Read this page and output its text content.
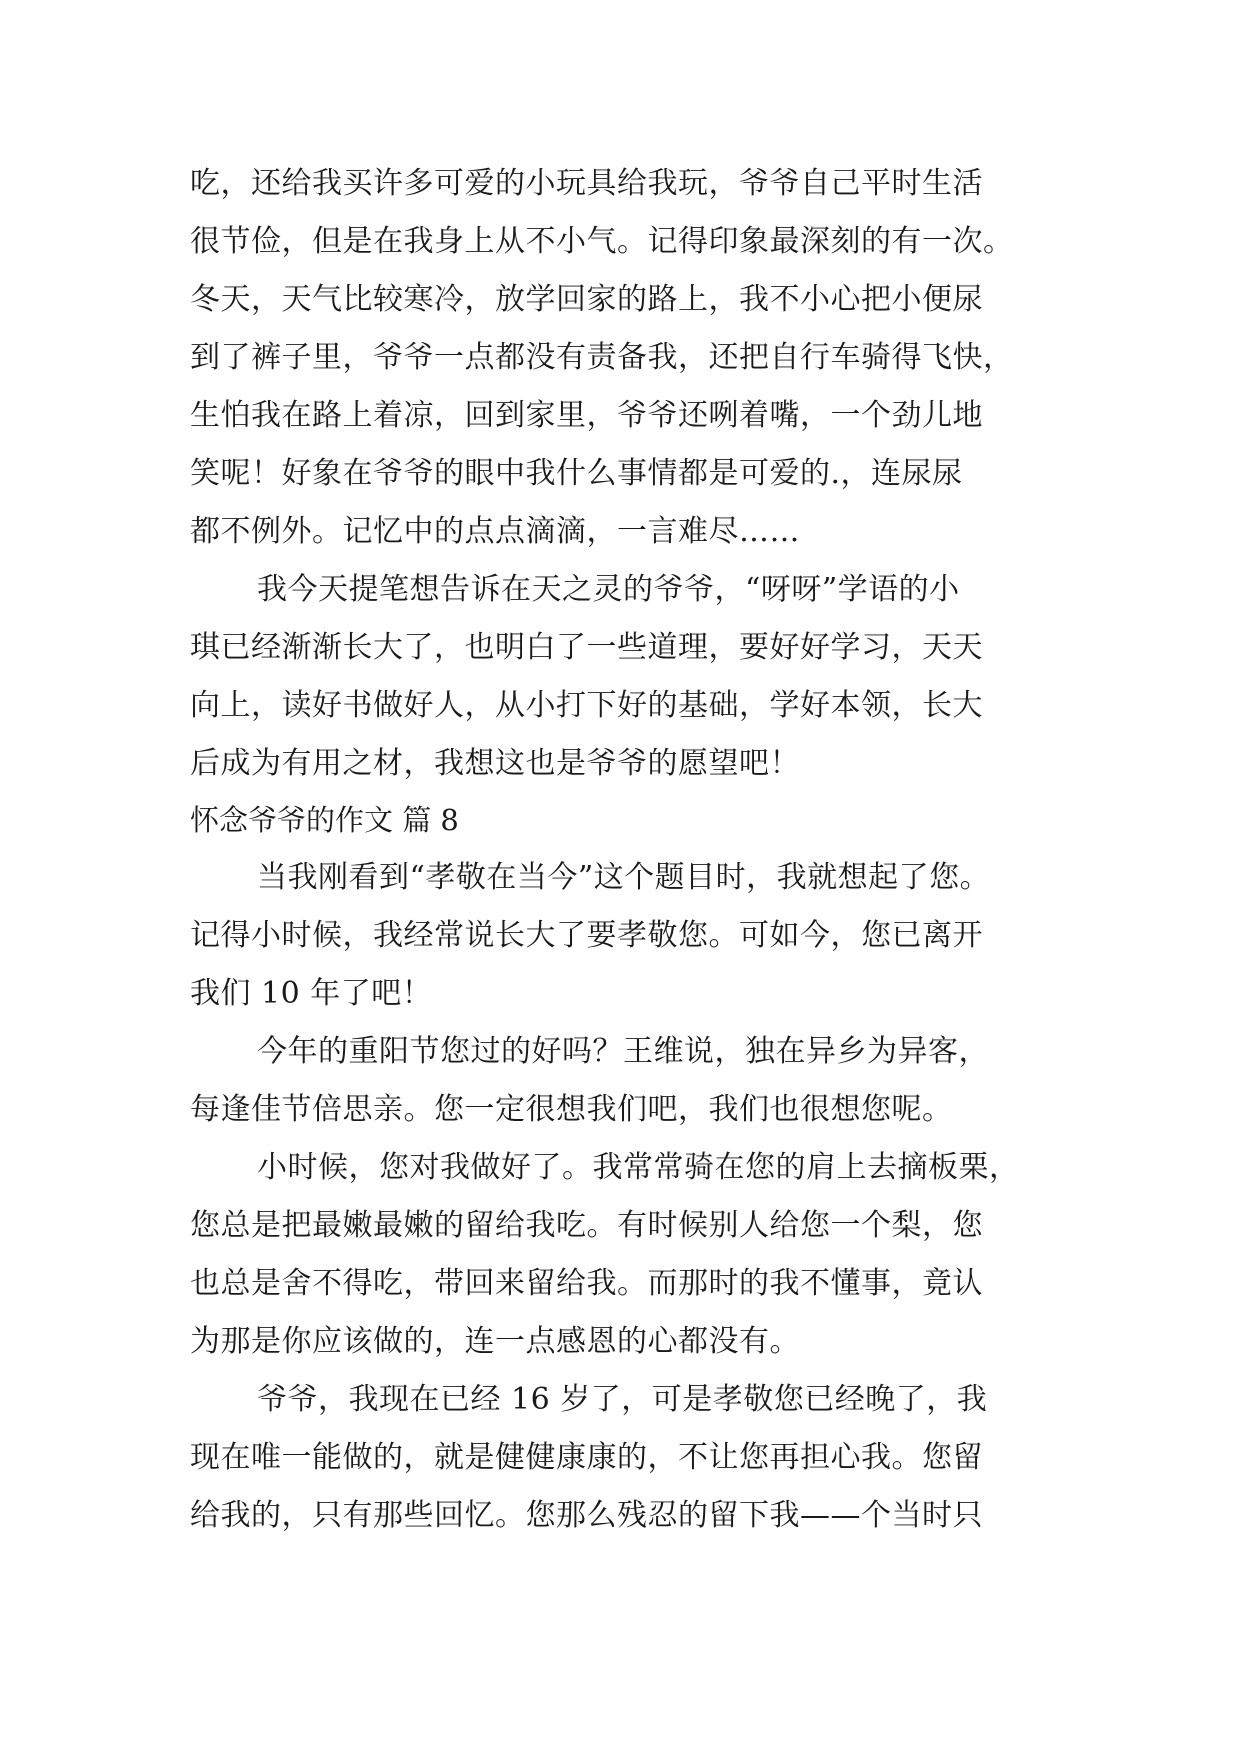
吃，还给我买许多可爱的小玩具给我玩，爷爷自己平时生活
很节俭，但是在我身上从不小气。记得印象最深刻的有一次。
冬天，天气比较寒冷，放学回家的路上，我不小心把小便尿
到了裤子里，爷爷一点都没有责备我，还把自行车骑得飞快，
生怕我在路上着凉，回到家里，爷爷还咧着嘴，一个劲儿地
笑呢！好象在爷爷的眼中我什么事情都是可爱的.，连尿尿
都不例外。记忆中的点点滴滴，一言难尽……
我今天提笔想告诉在天之灵的爷爷，“呀呀”学语的小
琪已经渐渐长大了，也明白了一些道理，要好好学习，天天
向上，读好书做好人，从小打下好的基础，学好本领，长大
后成为有用之材，我想这也是爷爷的愿望吧！
怀念爷爷的作文 篇 8
当我刚看到“孝敬在当今”这个题目时，我就想起了您。
记得小时候，我经常说长大了要孝敬您。可如今，您已离开
我们 10 年了吧！
今年的重阳节您过的好吗？王维说，独在异乡为异客，
每逢佳节倍思亲。您一定很想我们吧，我们也很想您呢。
小时候，您对我做好了。我常常骑在您的肩上去摘板栗，
您总是把最嫩最嫩的留给我吃。有时候别人给您一个梨，您
也总是舍不得吃，带回来留给我。而那时的我不懂事，竟认
为那是你应该做的，连一点感恩的心都没有。
爷爷，我现在已经 16 岁了，可是孝敬您已经晚了，我
现在唯一能做的，就是健健康康的，不让您再担心我。您留
给我的，只有那些回忆。您那么残忍的留下我——个当时只
